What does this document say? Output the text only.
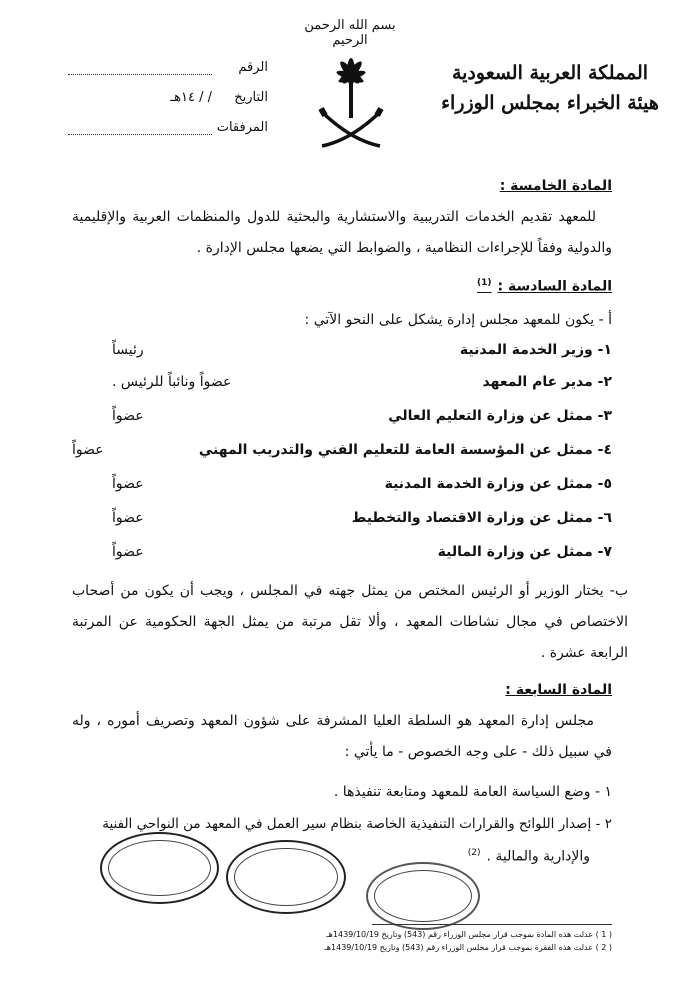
بسم الله الرحمن الرحيم
المملكة العربية السعودية
هيئة الخبراء بمجلس الوزراء
الرقم
التاريخ
/ / ١٤هـ
المرفقات
المادة الخامسة :
للمعهد تقديم الخدمات التدريبية والاستشارية والبحثية للدول والمنظمات العربية والإقليمية والدولية وفقاً للإجراءات النظامية ، والضوابط التي يضعها مجلس الإدارة .
المادة السادسة :$^{(1)}$
أ - يكون للمعهد مجلس إدارة يشكل على النحو الآتي :
١- وزير الخدمة المدنية
رئيساً
٢- مدير عام المعهد
عضواً ونائباً للرئيس .
٣- ممثل عن وزارة التعليم العالي
عضواً
٤- ممثل عن المؤسسة العامة للتعليم الفني والتدريب المهني
عضواً
٥- ممثل عن وزارة الخدمة المدنية
عضواً
٦- ممثل عن وزارة الاقتصاد والتخطيط
عضواً
٧- ممثل عن وزارة المالية
عضواً
ب- يختار الوزير أو الرئيس المختص من يمثل جهته في المجلس ، ويجب أن يكون من أصحاب الاختصاص في مجال نشاطات المعهد ، وألا تقل مرتبة من يمثل الجهة الحكومية عن المرتبة الرابعة عشرة .
المادة السابعة :
مجلس إدارة المعهد هو السلطة العليا المشرفة على شؤون المعهد وتصريف أموره ، وله في سبيل ذلك - على وجه الخصوص - ما يأتي :
١ - وضع السياسة العامة للمعهد ومتابعة تنفيذها .
٢ - إصدار اللوائح والقرارات التنفيذية الخاصة بنظام سير العمل في المعهد من النواحي الفنية
والإدارية والمالية .$^{(2)}$
( 1 ) عدلت هذه المادة بموجب قرار مجلس الوزراء رقم (543) وتاريخ 1439/10/19هـ
( 2 ) عدلت هذه الفقرة بموجب قرار مجلس الوزراء رقم (543) وتاريخ 1439/10/19هـ
